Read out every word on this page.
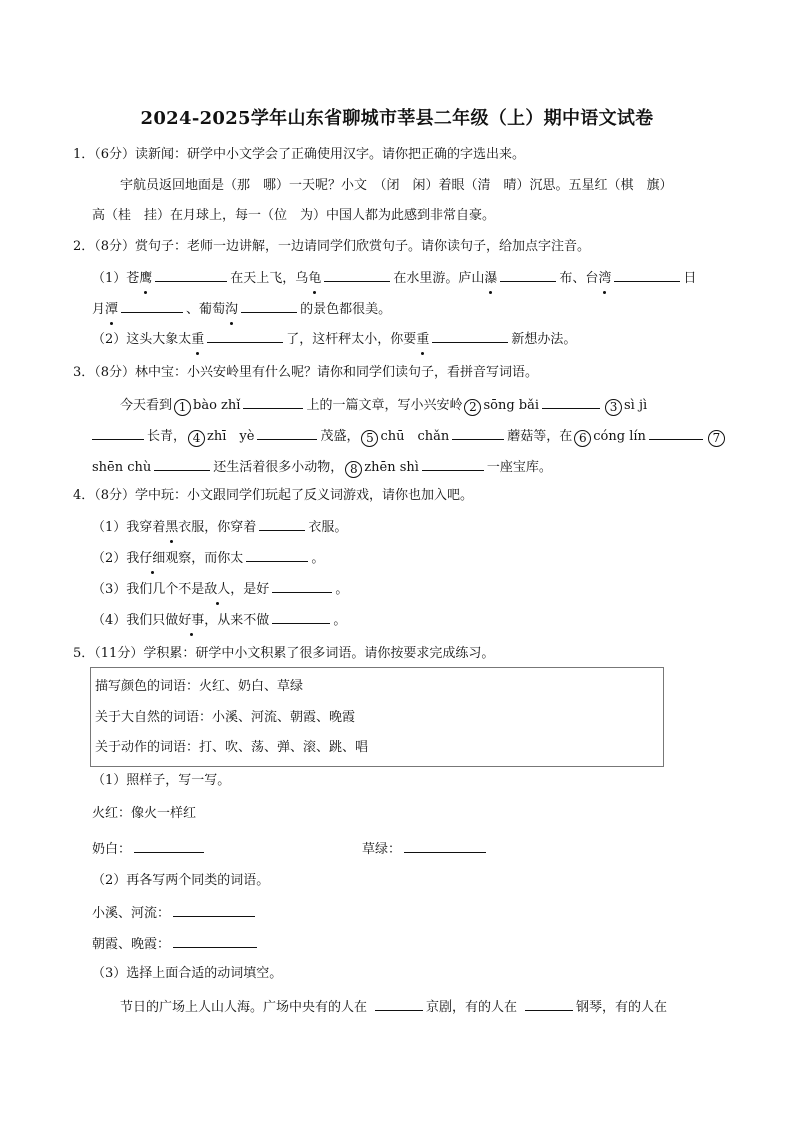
2024-2025学年山东省聊城市莘县二年级（上）期中语文试卷
1．（6分）读新闻：研学中小文学会了正确使用汉字。请你把正确的字选出来。
宇航员返回地面是（那　哪）一天呢？小文　（闭　闲）着眼（清　晴）沉思。五星红（棋　旗）
高（桂　挂）在月球上，每一（位　为）中国人都为此感到非常自豪。
2．（8分）赏句子：老师一边讲解，一边请同学们欣赏句子。请你读句子，给加点字注音。
（1）苍鹰	在天上飞，乌龟	在水里游。庐山瀑	布、台湾	日
月潭	、葡萄沟	的景色都很美。
（2）这头大象太重	了，这杆秤太小，你要重	新想办法。
3．（8分）林中宝：小兴安岭里有什么呢？请你和同学们读句子，看拼音写词语。
今天看到 1 bào zhǐ	上的一篇文章，写小兴安岭 2 sōng bǎi	3 sì jì
长青， 4 zhī　yè	茂盛， 5 chū　chǎn	蘑菇等，在 6 cóng lín	7
shēn chù	还生活着很多小动物， 8 zhēn shì	一座宝库。
4．（8分）学中玩：小文跟同学们玩起了反义词游戏，请你也加入吧。
（1）我穿着黑衣服，你穿着	衣服。
（2）我仔细观察，而你太	。
（3）我们几个不是敌人，是好	。
（4）我们只做好事，从来不做	。
5．（11分）学积累：研学中小文积累了很多词语。请你按要求完成练习。
描写颜色的词语：火红、奶白、草绿
关于大自然的词语：小溪、河流、朝霞、晚霞
关于动作的词语：打、吹、荡、弹、滚、跳、唱
（1）照样子，写一写。
火红：像火一样红
奶白：	草绿：
（2）再各写两个同类的词语。
小溪、河流：
朝霞、晚霞：
（3）选择上面合适的动词填空。
节日的广场上人山人海。广场中央有的人在	京剧，有的人在	钢琴，有的人在
